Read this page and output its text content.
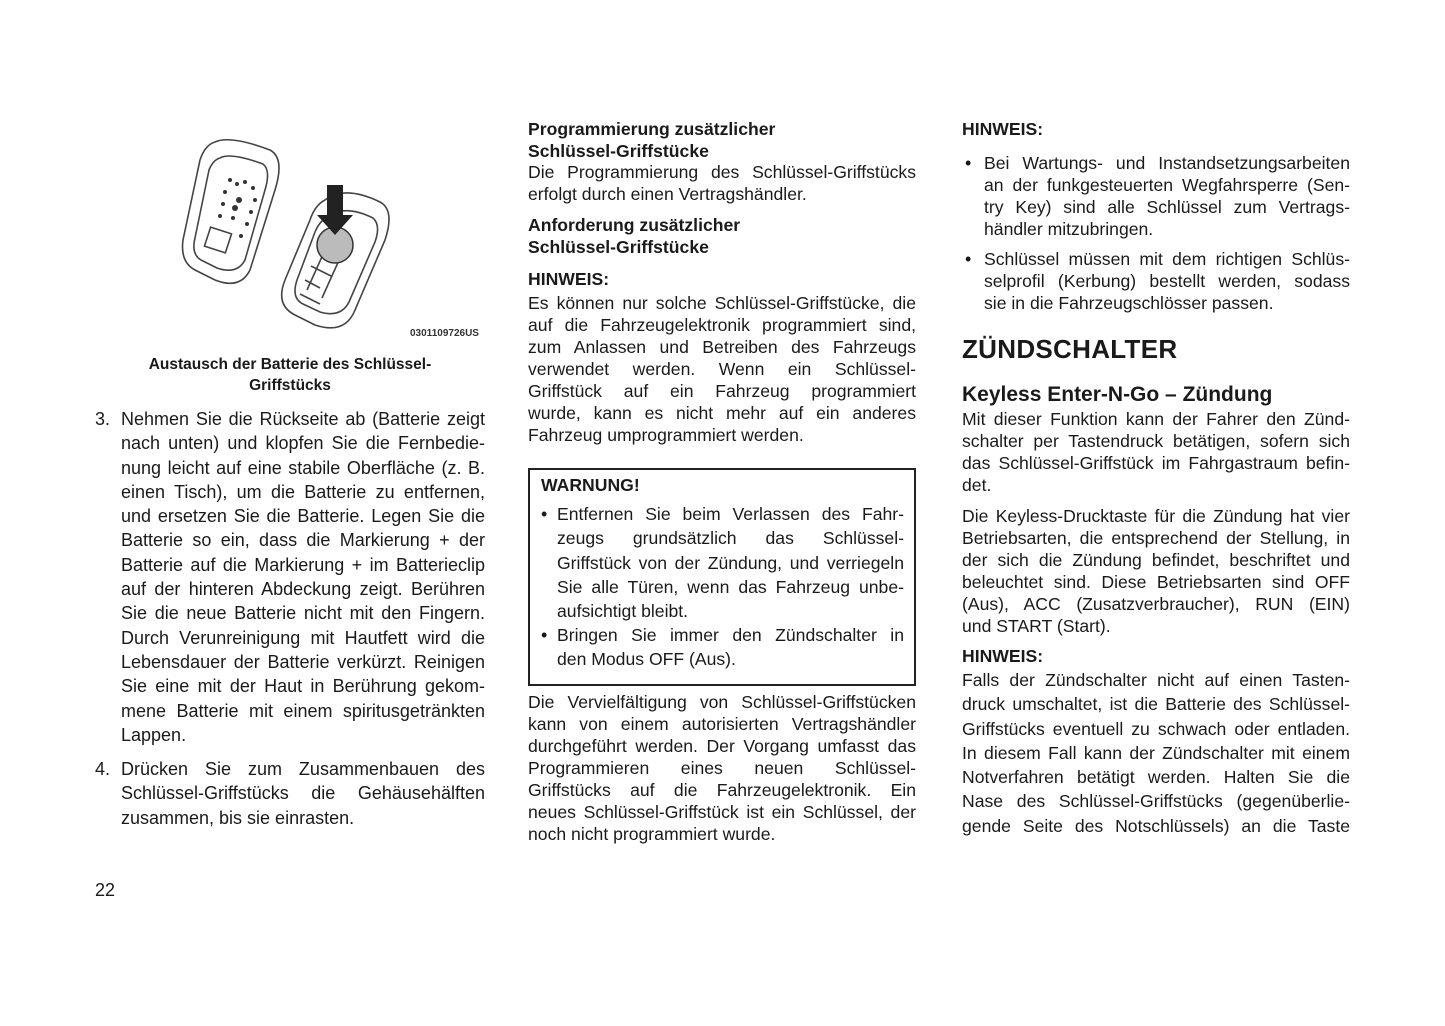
0301109726US
Austausch der Batterie des Schlüssel-
Griffstücks
3. Nehmen Sie die Rückseite ab (Batterie zeigt
nach unten) und klopfen Sie die Fernbedie-
nung leicht auf eine stabile Oberfläche (z. B.
einen Tisch), um die Batterie zu entfernen,
und ersetzen Sie die Batterie. Legen Sie die
Batterie so ein, dass die Markierung + der
Batterie auf die Markierung + im Batterieclip
auf der hinteren Abdeckung zeigt. Berühren
Sie die neue Batterie nicht mit den Fingern.
Durch Verunreinigung mit Hautfett wird die
Lebensdauer der Batterie verkürzt. Reinigen
Sie eine mit der Haut in Berührung gekom-
mene Batterie mit einem spiritusgetränkten
Lappen.
4. Drücken Sie zum Zusammenbauen des
Schlüssel-Griffstücks die Gehäusehälften
zusammen, bis sie einrasten.
Programmierung zusätzlicher
Schlüssel-Griffstücke
Die Programmierung des Schlüssel-Griffstücks
erfolgt durch einen Vertragshändler.
Anforderung zusätzlicher
Schlüssel-Griffstücke
HINWEIS:
Es können nur solche Schlüssel-Griffstücke, die
auf die Fahrzeugelektronik programmiert sind,
zum Anlassen und Betreiben des Fahrzeugs
verwendet werden. Wenn ein Schlüssel-
Griffstück auf ein Fahrzeug programmiert
wurde, kann es nicht mehr auf ein anderes
Fahrzeug umprogrammiert werden.
WARNUNG!
• Entfernen Sie beim Verlassen des Fahr-
zeugs grundsätzlich das Schlüssel-
Griffstück von der Zündung, und verriegeln
Sie alle Türen, wenn das Fahrzeug unbe-
aufsichtigt bleibt.
• Bringen Sie immer den Zündschalter in
den Modus OFF (Aus).
Die Vervielfältigung von Schlüssel-Griffstücken
kann von einem autorisierten Vertragshändler
durchgeführt werden. Der Vorgang umfasst das
Programmieren eines neuen Schlüssel-
Griffstücks auf die Fahrzeugelektronik. Ein
neues Schlüssel-Griffstück ist ein Schlüssel, der
noch nicht programmiert wurde.
HINWEIS:
• Bei Wartungs- und Instandsetzungsarbeiten
an der funkgesteuerten Wegfahrsperre (Sen-
try Key) sind alle Schlüssel zum Vertrags-
händler mitzubringen.
• Schlüssel müssen mit dem richtigen Schlüs-
selprofil (Kerbung) bestellt werden, sodass
sie in die Fahrzeugschlösser passen.
ZÜNDSCHALTER
Keyless Enter-N-Go – Zündung
Mit dieser Funktion kann der Fahrer den Zünd-
schalter per Tastendruck betätigen, sofern sich
das Schlüssel-Griffstück im Fahrgastraum befin-
det.
Die Keyless-Drucktaste für die Zündung hat vier
Betriebsarten, die entsprechend der Stellung, in
der sich die Zündung befindet, beschriftet und
beleuchtet sind. Diese Betriebsarten sind OFF
(Aus), ACC (Zusatzverbraucher), RUN (EIN)
und START (Start).
HINWEIS:
Falls der Zündschalter nicht auf einen Tasten-
druck umschaltet, ist die Batterie des Schlüssel-
Griffstücks eventuell zu schwach oder entladen.
In diesem Fall kann der Zündschalter mit einem
Notverfahren betätigt werden. Halten Sie die
Nase des Schlüssel-Griffstücks (gegenüberlie-
gende Seite des Notschlüssels) an die Taste
22
